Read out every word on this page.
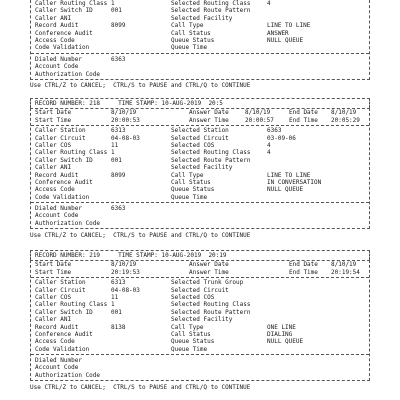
Caller Routing Class 1	Selected Routing Class	4
Caller Switch ID	001	Selected Route Pattern
Caller ANI	Selected Facility
Record Audit	8099	Call Type	LINE TO LINE
Conference Audit	Call Status	ANSWER
Access Code	Queue Status	NULL QUEUE
Code Validation	Queue Time
Dialed Number	6363
Account Code
Authorization Code
Use CTRL/Z to CANCEL;  CTRL/S to PAUSE and CTRL/Q to CONTINUE
RECORD NUMBER: 218	TIME STAMP: 10-AUG-2019  20:5
Start Date	8/10/19	Answer Date	8/10/19	End Date	8/10/19
Start Time	20:00:53	Answer Time	20:00:57	End Time	20:05:29
Caller Station	6313	Selected Station	6363
Caller Circuit	04-08-03	Selected Circuit	03-09-06
Caller COS	11	Selected COS	4
Caller Routing Class 1	Selected Routing Class	4
Caller Switch ID	001	Selected Route Pattern
Caller ANI	Selected Facility
Record Audit	8099	Call Type	LINE TO LINE
Conference Audit	Call Status	IN CONVERSATION
Access Code	Queue Status	NULL QUEUE
Code Validation	Queue Time
Dialed Number	6363
Account Code
Authorization Code
Use CTRL/Z to CANCEL;  CTRL/S to PAUSE and CTRL/Q to CONTINUE
RECORD NUMBER: 219	TIME STAMP: 10-AUG-2019  20:19
Start Date	8/10/19	Answer Date	End Date	8/10/19
Start Time	20:19:53	Answer Time	End Time	20:19:54
Caller Station	6313	Selected Trunk Group
Caller Circuit	04-08-03	Selected Circuit
Caller COS	11	Selected COS
Caller Routing Class 1	Selected Routing Class
Caller Switch ID	001	Selected Route Pattern
Caller ANI	Selected Facility
Record Audit	8138	Call Type	ONE LINE
Conference Audit	Call Status	DIALING
Access Code	Queue Status	NULL QUEUE
Code Validation	Queue Time
Dialed Number
Account Code
Authorization Code
Use CTRL/Z to CANCEL;  CTRL/S to PAUSE and CTRL/Q to CONTINUE
